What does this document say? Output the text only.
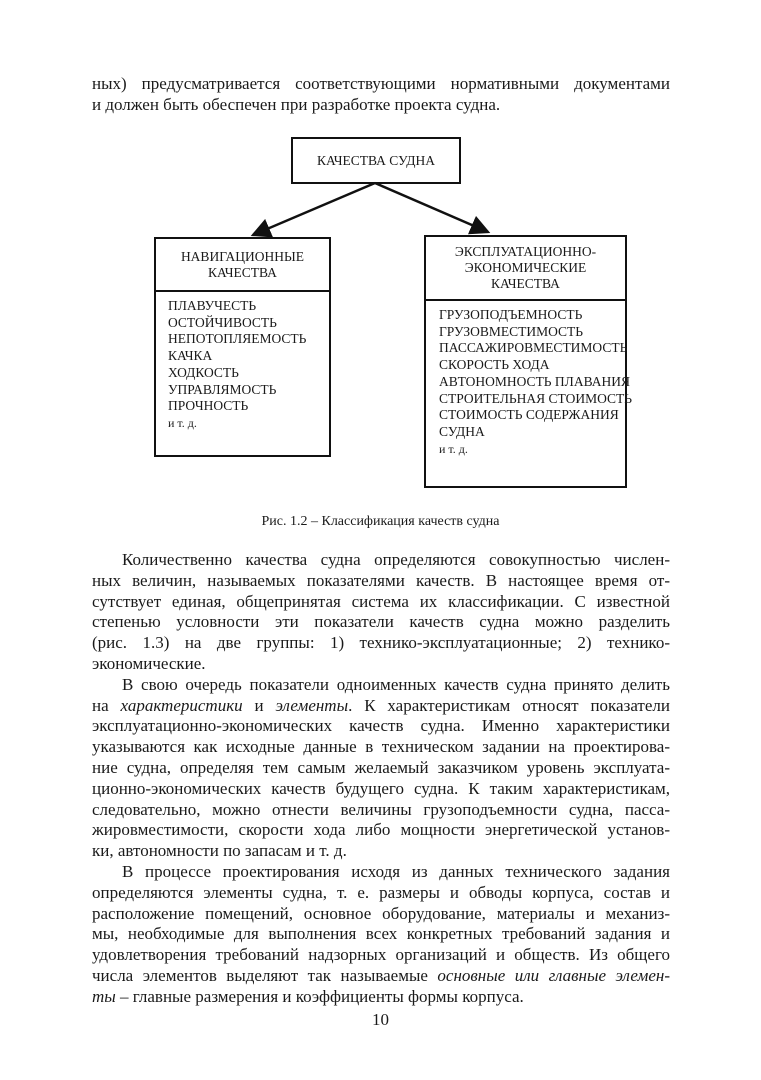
ных) предусматривается соответствующими нормативными документами
и должен быть обеспечен при разработке проекта судна.
КАЧЕСТВА СУДНА
НАВИГАЦИОННЫЕ
КАЧЕСТВА
ПЛАВУЧЕСТЬ
ОСТОЙЧИВОСТЬ
НЕПОТОПЛЯЕМОСТЬ
КАЧКА
ХОДКОСТЬ
УПРАВЛЯМОСТЬ
ПРОЧНОСТЬ
и т. д.
ЭКСПЛУАТАЦИОННО-
ЭКОНОМИЧЕСКИЕ
КАЧЕСТВА
ГРУЗОПОДЪЕМНОСТЬ
ГРУЗОВМЕСТИМОСТЬ
ПАССАЖИРОВМЕСТИМОСТЬ
СКОРОСТЬ ХОДА
АВТОНОМНОСТЬ ПЛАВАНИЯ
СТРОИТЕЛЬНАЯ СТОИМОСТЬ
СТОИМОСТЬ СОДЕРЖАНИЯ
СУДНА
и т. д.
Рис. 1.2 – Классификация качеств судна
Количественно качества судна определяются совокупностью числен-
ных величин, называемых показателями качеств. В настоящее время от-
сутствует единая, общепринятая система их классификации. С известной
степенью условности эти показатели качеств судна можно разделить
(рис. 1.3) на две группы: 1) технико-эксплуатационные; 2) технико-
экономические.
В свою очередь показатели одноименных качеств судна принято делить
на характеристики и элементы. К характеристикам относят показатели
эксплуатационно-экономических качеств судна. Именно характеристики
указываются как исходные данные в техническом задании на проектирова-
ние судна, определяя тем самым желаемый заказчиком уровень эксплуата-
ционно-экономических качеств будущего судна. К таким характеристикам,
следовательно, можно отнести величины грузоподъемности судна, пасса-
жировместимости, скорости хода либо мощности энергетической установ-
ки, автономности по запасам и т. д.
В процессе проектирования исходя из данных технического задания
определяются элементы судна, т. е. размеры и обводы корпуса, состав и
расположение помещений, основное оборудование, материалы и механиз-
мы, необходимые для выполнения всех конкретных требований задания и
удовлетворения требований надзорных организаций и обществ. Из общего
числа элементов выделяют так называемые основные или главные элемен-
ты – главные размерения и коэффициенты формы корпуса.
10
